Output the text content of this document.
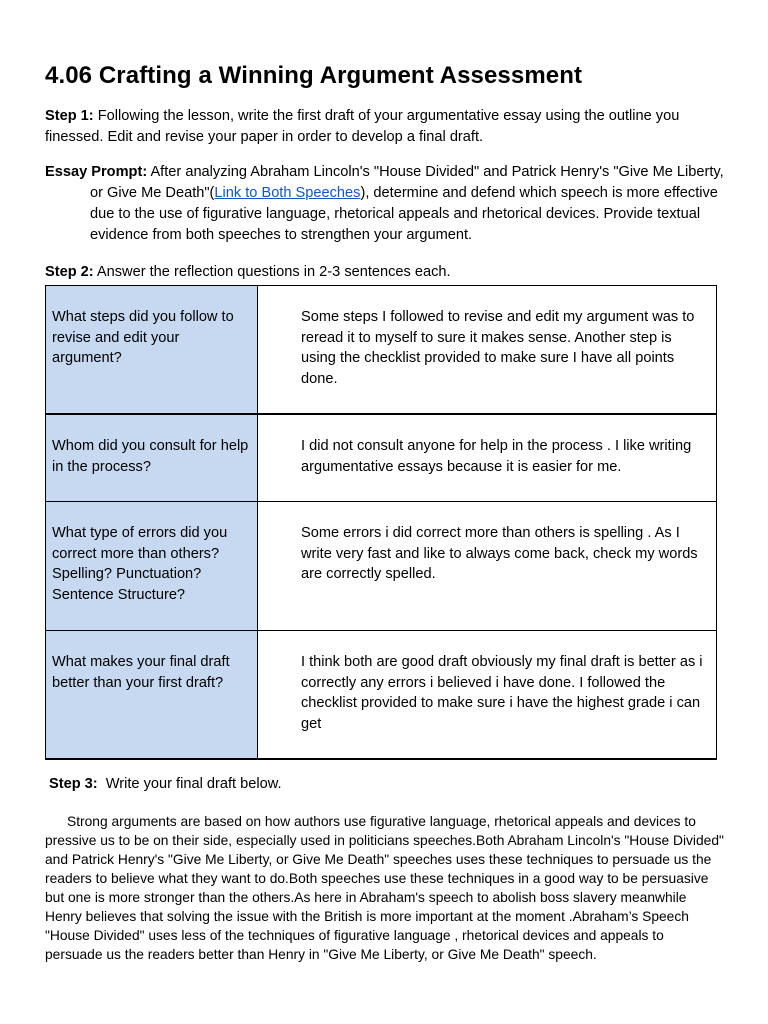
4.06 Crafting a Winning Argument Assessment

Step 1: Following the lesson, write the first draft of your argumentative essay using the outline you finessed. Edit and revise your paper in order to develop a final draft.

Essay Prompt: After analyzing Abraham Lincoln's "House Divided" and Patrick Henry's "Give Me Liberty, or Give Me Death"(Link to Both Speeches), determine and defend which speech is more effective due to the use of figurative language, rhetorical appeals and rhetorical devices. Provide textual evidence from both speeches to strengthen your argument.

Step 2: Answer the reflection questions in 2-3 sentences each.

What steps did you follow to revise and edit your argument?	Some steps I followed to revise and edit my argument was to reread it to myself to sure it makes sense. Another step is using the checklist provided to make sure I have all points done.
Whom did you consult for help in the process?	I did not consult anyone for help in the process . I like writing argumentative essays because it is easier for me.
What type of errors did you correct more than others? Spelling? Punctuation? Sentence Structure?	Some errors i did correct more than others is spelling . As I write very fast and like to always come back, check my words are correctly spelled.
What makes your final draft better than your first draft?	I think both are good draft obviously my final draft is better as i correctly any errors i believed i have done. I followed the checklist provided to make sure i have the highest grade i can get

Step 3:  Write your final draft below.

Strong arguments are based on how authors use figurative language, rhetorical appeals and devices to pressive us to be on their side, especially used in politicians speeches.Both Abraham Lincoln's "House Divided" and Patrick Henry's "Give Me Liberty, or Give Me Death" speeches uses these techniques to persuade us the readers to believe what they want to do.Both speeches use these techniques in a good way to be persuasive but one is more stronger than the others.As here in Abraham's speech to abolish boss slavery meanwhile Henry believes that solving the issue with the British is more important at the moment .Abraham’s Speech "House Divided" uses less of the techniques of figurative language , rhetorical devices and appeals to persuade us the readers better than Henry in "Give Me Liberty, or Give Me Death" speech.
